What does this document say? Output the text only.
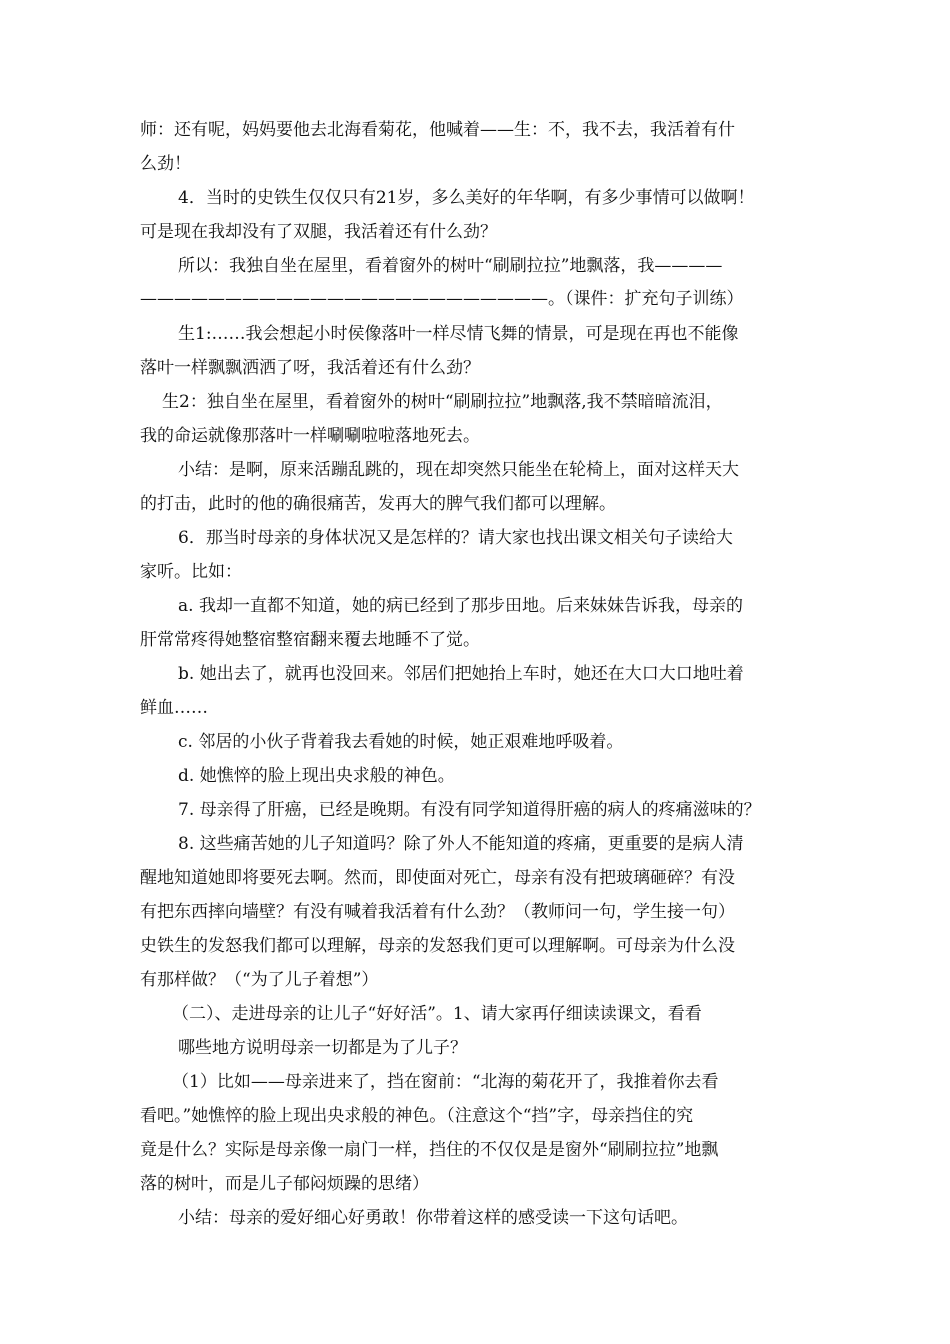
师：还有呢，妈妈要他去北海看菊花，他喊着——生：不，我不去，我活着有什
么劲！
4．当时的史铁生仅仅只有21岁，多么美好的年华啊，有多少事情可以做啊！
可是现在我却没有了双腿，我活着还有什么劲？
所以：我独自坐在屋里，看着窗外的树叶“刷刷拉拉”地飘落，我————
————————————————————————。（课件：扩充句子训练）
生1:……我会想起小时侯像落叶一样尽情飞舞的情景，可是现在再也不能像
落叶一样飘飘洒洒了呀，我活着还有什么劲？
生2：独自坐在屋里，看着窗外的树叶“刷刷拉拉”地飘落,我不禁暗暗流泪，
我的命运就像那落叶一样唰唰啦啦落地死去。
小结：是啊，原来活蹦乱跳的，现在却突然只能坐在轮椅上，面对这样天大
的打击，此时的他的确很痛苦，发再大的脾气我们都可以理解。
6．那当时母亲的身体状况又是怎样的？请大家也找出课文相关句子读给大
家听。比如：
a. 我却一直都不知道，她的病已经到了那步田地。后来妹妹告诉我，母亲的
肝常常疼得她整宿整宿翻来覆去地睡不了觉。
b. 她出去了，就再也没回来。邻居们把她抬上车时，她还在大口大口地吐着
鲜血……
c. 邻居的小伙子背着我去看她的时候，她正艰难地呼吸着。
d. 她憔悴的脸上现出央求般的神色。
7. 母亲得了肝癌，已经是晚期。有没有同学知道得肝癌的病人的疼痛滋味的？
8. 这些痛苦她的儿子知道吗？除了外人不能知道的疼痛，更重要的是病人清
醒地知道她即将要死去啊。然而，即使面对死亡，母亲有没有把玻璃砸碎？有没
有把东西摔向墙壁？有没有喊着我活着有什么劲？（教师问一句，学生接一句）
史铁生的发怒我们都可以理解，母亲的发怒我们更可以理解啊。可母亲为什么没
有那样做？（“为了儿子着想”）
（二）、走进母亲的让儿子“好好活”。1、请大家再仔细读读课文，看看
哪些地方说明母亲一切都是为了儿子？
（1）比如——母亲进来了，挡在窗前：“北海的菊花开了，我推着你去看
看吧。”她憔悴的脸上现出央求般的神色。（注意这个“挡”字，母亲挡住的究
竟是什么？实际是母亲像一扇门一样，挡住的不仅仅是是窗外“刷刷拉拉”地飘
落的树叶，而是儿子郁闷烦躁的思绪）
小结：母亲的爱好细心好勇敢！你带着这样的感受读一下这句话吧。
